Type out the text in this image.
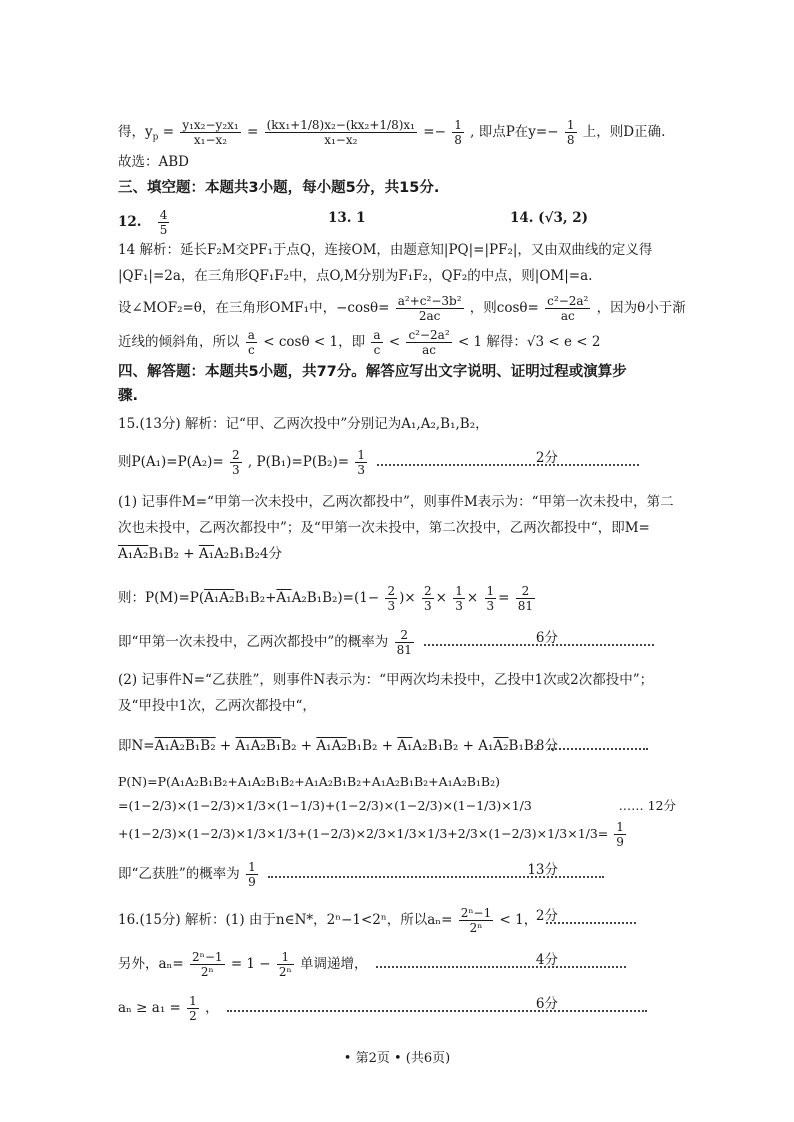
得，$y_p = \frac{\text{y₁x₂−y₂x₁}}{\text{x₁−x₂}} = \frac{\text{(kx₁+1/8)x₂−(kx₂+1/8)x₁}}{\text{x₁−x₂}} =- \frac{1}{8}$ , 即点P在$y=- \frac{1}{8}$ 上，则D正确.
故选：ABD
三、填空题：本题共3小题，每小题5分，共15分.
12. $\frac{4}{5}$	13. 1	14. (√3, 2)
14 解析：延长F₂M交PF₁于点Q，连接OM，由题意知|PQ|=|PF₂|，又由双曲线的定义得
|QF₁|=2a，在三角形QF₁F₂中，点O,M分别为F₁F₂，QF₂的中点，则|OM|=a.
设∠MOF₂=θ，在三角形OMF₁中，$-\cos\theta= \frac{\text{a²+c²−3b²}}{2ac}$ ，则$\cos\theta= \frac{\text{c²−2a²}}{ac}$ ，因为θ小于渐
近线的倾斜角，所以 $\frac{a}{c} < \cos\theta < 1$，即 $\frac{a}{c} < \frac{\text{c²−2a²}}{ac} < 1$ 解得：√3 < e < 2
四、解答题：本题共5小题，共77分。解答应写出文字说明、证明过程或演算步
骤.
15.(13分) 解析：记“甲、乙两次投中”分别记为A₁,A₂,B₁,B₂，
则$P(A_1)=P(A_2)= \frac{2}{3}$ , $P(B_1)=P(B_2)= \frac{1}{3}$
	2分
(1) 记事件M=“甲第一次未投中，乙两次都投中”，则事件M表示为：“甲第一次未投中，第二
次也未投中，乙两次都投中”；及“甲第一次未投中，第二次投中，乙两次都投中“，即M=
A₁A₂B₁B₂ + A₁A₂B₁B₂4分
则：$P(M)=P(A_1A_2B_1B_2+A_1A_2B_1B_2)=(1- \frac{2}{3}$ )× $\frac{2}{3} \times \frac{1}{3} \times \frac{1}{3} = \frac{2}{81}$
即“甲第一次未投中，乙两次都投中”的概率为 $\frac{2}{81}$
	6分
(2) 记事件N=“乙获胜”，则事件N表示为：“甲两次均未投中，乙投中1次或2次都投中”；
及“甲投中1次，乙两次都投中“，
即N=A₁A₂B₁B₂ + A₁A₂B₁B₂ + A₁A₂B₁B₂ + A₁A₂B₁B₂ + A₁A₂B₁B₂
8分
P(N)=P(A₁A₂B₁B₂+A₁A₂B₁B₂+A₁A₂B₁B₂+A₁A₂B₁B₂+A₁A₂B₁B₂)
=(1−2/3)×(1−2/3)×1/3×(1−1/3)+(1−2/3)×(1−2/3)×(1−1/3)×1/3	…… 12分
$+(1-2/3)\times(1-2/3)\times 1/3\times 1/3+(1-2/3)\times 2/3\times 1/3\times 1/3+2/3\times(1-2/3)\times 1/3\times 1/3= \frac{1}{9}$
即“乙获胜”的概率为 $\frac{1}{9}$
	13分
16.(15分) 解析：(1) 由于n∈N*，2ⁿ−1<2ⁿ，所以$a_n= \frac{\text{2ⁿ−1}}{\text{2ⁿ}} < 1$，
2分
另外，$a_n= \frac{\text{2ⁿ−1}}{\text{2ⁿ}} = 1 - \frac{1}{\text{2ⁿ}}$ 单调递增，	4分
$a_n \ge a_1 = \frac{1}{2}$ ，	6分
• 第2页 • (共6页)
